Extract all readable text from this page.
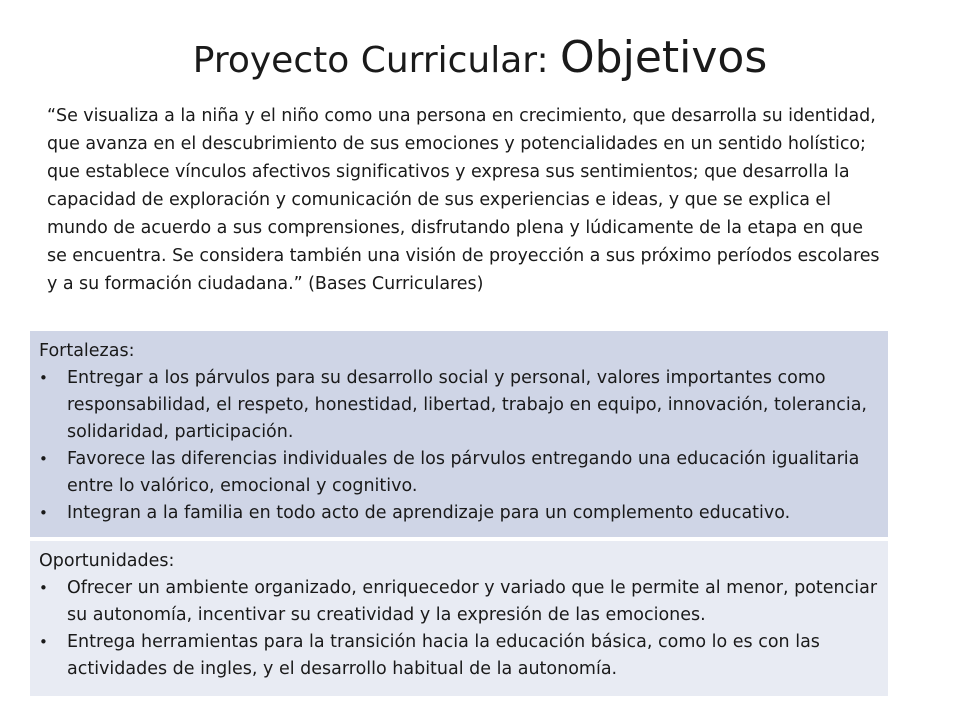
Proyecto Curricular: Objetivos
“Se visualiza a la niña y el niño como una persona en crecimiento, que desarrolla su identidad, que avanza en el descubrimiento de sus emociones y potencialidades en un sentido holístico; que establece vínculos afectivos significativos y expresa sus sentimientos; que desarrolla la capacidad de exploración y comunicación de sus experiencias e ideas, y que se explica el mundo de acuerdo a sus comprensiones, disfrutando plena y lúdicamente de la etapa en que se encuentra. Se considera también una visión de proyección a sus próximo períodos escolares y a su formación ciudadana.” (Bases Curriculares)
Fortalezas:
•	Entregar a los párvulos para su desarrollo social y personal, valores importantes como responsabilidad, el respeto, honestidad, libertad, trabajo en equipo, innovación, tolerancia, solidaridad, participación.
•	Favorece las diferencias individuales de los párvulos entregando una educación igualitaria entre lo valórico, emocional y cognitivo.
•	Integran a la familia en todo acto de aprendizaje para un complemento educativo.
Oportunidades:
•	Ofrecer un ambiente organizado, enriquecedor y variado que le permite al menor, potenciar su autonomía, incentivar su creatividad y la expresión de las emociones.
•	Entrega herramientas para la transición hacia la educación básica, como lo es con las actividades de ingles, y el desarrollo habitual de la autonomía.
